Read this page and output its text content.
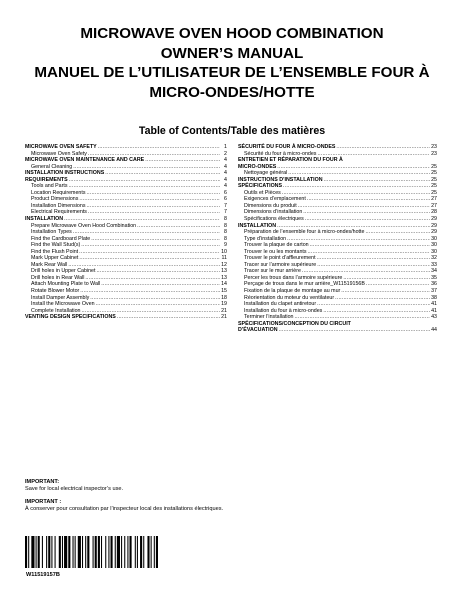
MICROWAVE OVEN HOOD COMBINATION
OWNER’S MANUAL
MANUEL DE L’UTILISATEUR DE L’ENSEMBLE FOUR À
MICRO-ONDES/HOTTE
Table of Contents/Table des matières
MICROWAVE OVEN SAFETY .....	1
Microwave Oven Safety .....	2
MICROWAVE OVEN MAINTENANCE AND CARE .....	4
General Cleaning .....	4
INSTALLATION INSTRUCTIONS .....	4
REQUIREMENTS .....	4
Tools and Parts .....	4
Location Requirements .....	6
Product Dimensions .....	6
Installation Dimensions .....	7
Electrical Requirements .....	7
INSTALLATION .....	8
Prepare Microwave Oven Hood Combination .....	8
Installation Types .....	8
Find the Cardboard Plate .....	8
Find the Wall Stud(s) .....	9
Find the Flush Point .....	10
Mark Upper Cabinet .....	11
Mark Rear Wall .....	12
Drill holes in Upper Cabinet .....	13
Drill holes in Rear Wall .....	13
Attach Mounting Plate to Wall .....	14
Rotate Blower Motor .....	15
Install Damper Assembly .....	18
Install the Microwave Oven .....	19
Complete Installation .....	21
VENTING DESIGN SPECIFICATIONS .....	21
SÉCURITÉ DU FOUR À MICRO-ONDES .....	23
Sécurité du four à micro-ondes .....	23
ENTRETIEN ET RÉPARATION DU FOUR À
MICRO-ONDES .....	25
Nettoyage général .....	25
INSTRUCTIONS D’INSTALLATION .....	25
SPÉCIFICATIONS .....	25
Outils et Pièces .....	25
Exigences d’emplacement .....	27
Dimensions du produit .....	27
Dimensions d’installation .....	28
Spécifications électriques .....	29
INSTALLATION .....	29
Préparation de l’ensemble four à micro-ondes/hotte .....	29
Type d’installation .....	30
Trouver la plaque de carton .....	30
Trouver le ou les montants .....	30
Trouver le point d’affleurement .....	32
Tracer sur l’armoire supérieure .....	33
Tracer sur le mur arrière .....	34
Percer les trous dans l’armoire supérieure .....	35
Perçage de trous dans le mur arrière_W11519156B .....	36
Fixation de la plaque de montage au mur .....	37
Réorientation du moteur du ventilateur .....	38
Installation du clapet antiretour .....	41
Installation du four à micro-ondes .....	41
Terminer l’installation .....	43
SPÉCIFICATIONS/CONCEPTION DU CIRCUIT
D’ÉVACUATION .....	44
IMPORTANT:
Save for local electrical inspector’s use.
IMPORTANT :
À conserver pour consultation par l’inspecteur local des installations électriques.
W11519157B
